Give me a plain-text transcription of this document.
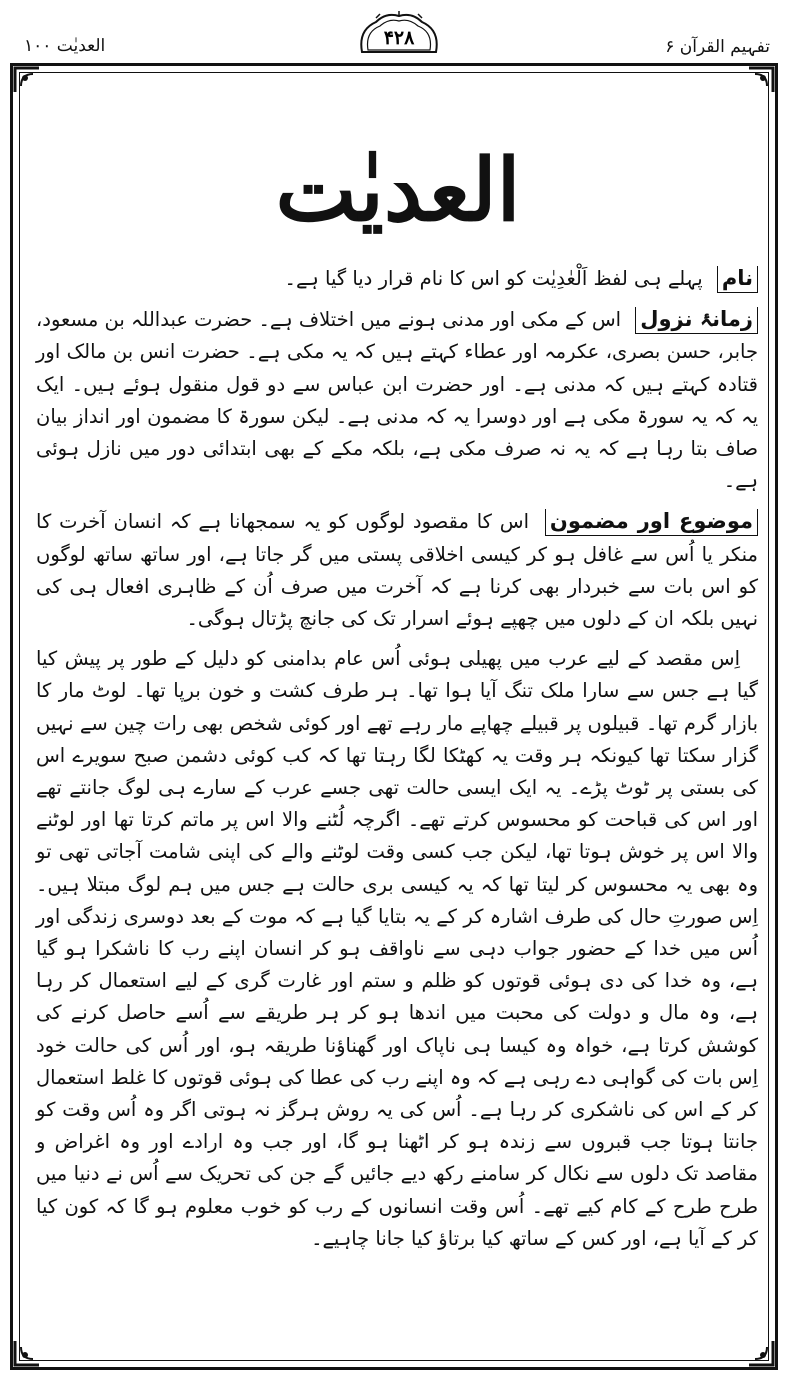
العدیٰت ۱۰۰	۴۲۸	تفہیم القرآن ۶
العدیٰت

نام پہلے ہی لفظ اَلْعٰدِیٰت کو اس کا نام قرار دیا گیا ہے۔

زمانۂ نزول اس کے مکی اور مدنی ہونے میں اختلاف ہے۔ حضرت عبداللہ بن مسعود، جابر، حسن بصری، عکرمہ اور عطاء کہتے ہیں کہ یہ مکی ہے۔ حضرت انس بن مالک اور قتادہ کہتے ہیں کہ مدنی ہے۔ اور حضرت ابن عباس سے دو قول منقول ہوئے ہیں۔ ایک یہ کہ یہ سورۃ مکی ہے اور دوسرا یہ کہ مدنی ہے۔ لیکن سورۃ کا مضمون اور انداز بیان صاف بتا رہا ہے کہ یہ نہ صرف مکی ہے، بلکہ مکے کے بھی ابتدائی دور میں نازل ہوئی ہے۔

موضوع اور مضمون اس کا مقصود لوگوں کو یہ سمجھانا ہے کہ انسان آخرت کا منکر یا اُس سے غافل ہو کر کیسی اخلاقی پستی میں گر جاتا ہے، اور ساتھ ساتھ لوگوں کو اس بات سے خبردار بھی کرنا ہے کہ آخرت میں صرف اُن کے ظاہری افعال ہی کی نہیں بلکہ ان کے دلوں میں چھپے ہوئے اسرار تک کی جانچ پڑتال ہوگی۔

اِس مقصد کے لیے عرب میں پھیلی ہوئی اُس عام بدامنی کو دلیل کے طور پر پیش کیا گیا ہے جس سے سارا ملک تنگ آیا ہوا تھا۔ ہر طرف کشت و خون برپا تھا۔ لوٹ مار کا بازار گرم تھا۔ قبیلوں پر قبیلے چھاپے مار رہے تھے اور کوئی شخص بھی رات چین سے نہیں گزار سکتا تھا کیونکہ ہر وقت یہ کھٹکا لگا رہتا تھا کہ کب کوئی دشمن صبح سویرے اس کی بستی پر ٹوٹ پڑے۔ یہ ایک ایسی حالت تھی جسے عرب کے سارے ہی لوگ جانتے تھے اور اس کی قباحت کو محسوس کرتے تھے۔ اگرچہ لُٹنے والا اس پر ماتم کرتا تھا اور لوٹنے والا اس پر خوش ہوتا تھا، لیکن جب کسی وقت لوٹنے والے کی اپنی شامت آجاتی تھی تو وہ بھی یہ محسوس کر لیتا تھا کہ یہ کیسی بری حالت ہے جس میں ہم لوگ مبتلا ہیں۔ اِس صورتِ حال کی طرف اشارہ کر کے یہ بتایا گیا ہے کہ موت کے بعد دوسری زندگی اور اُس میں خدا کے حضور جواب دہی سے ناواقف ہو کر انسان اپنے رب کا ناشکرا ہو گیا ہے، وہ خدا کی دی ہوئی قوتوں کو ظلم و ستم اور غارت گری کے لیے استعمال کر رہا ہے، وہ مال و دولت کی محبت میں اندھا ہو کر ہر طریقے سے اُسے حاصل کرنے کی کوشش کرتا ہے، خواہ وہ کیسا ہی ناپاک اور گھناؤنا طریقہ ہو، اور اُس کی حالت خود اِس بات کی گواہی دے رہی ہے کہ وہ اپنے رب کی عطا کی ہوئی قوتوں کا غلط استعمال کر کے اس کی ناشکری کر رہا ہے۔ اُس کی یہ روش ہرگز نہ ہوتی اگر وہ اُس وقت کو جانتا ہوتا جب قبروں سے زندہ ہو کر اٹھنا ہو گا، اور جب وہ ارادے اور وہ اغراض و مقاصد تک دلوں سے نکال کر سامنے رکھ دیے جائیں گے جن کی تحریک سے اُس نے دنیا میں طرح طرح کے کام کیے تھے۔ اُس وقت انسانوں کے رب کو خوب معلوم ہو گا کہ کون کیا کر کے آیا ہے، اور کس کے ساتھ کیا برتاؤ کیا جانا چاہیے۔
